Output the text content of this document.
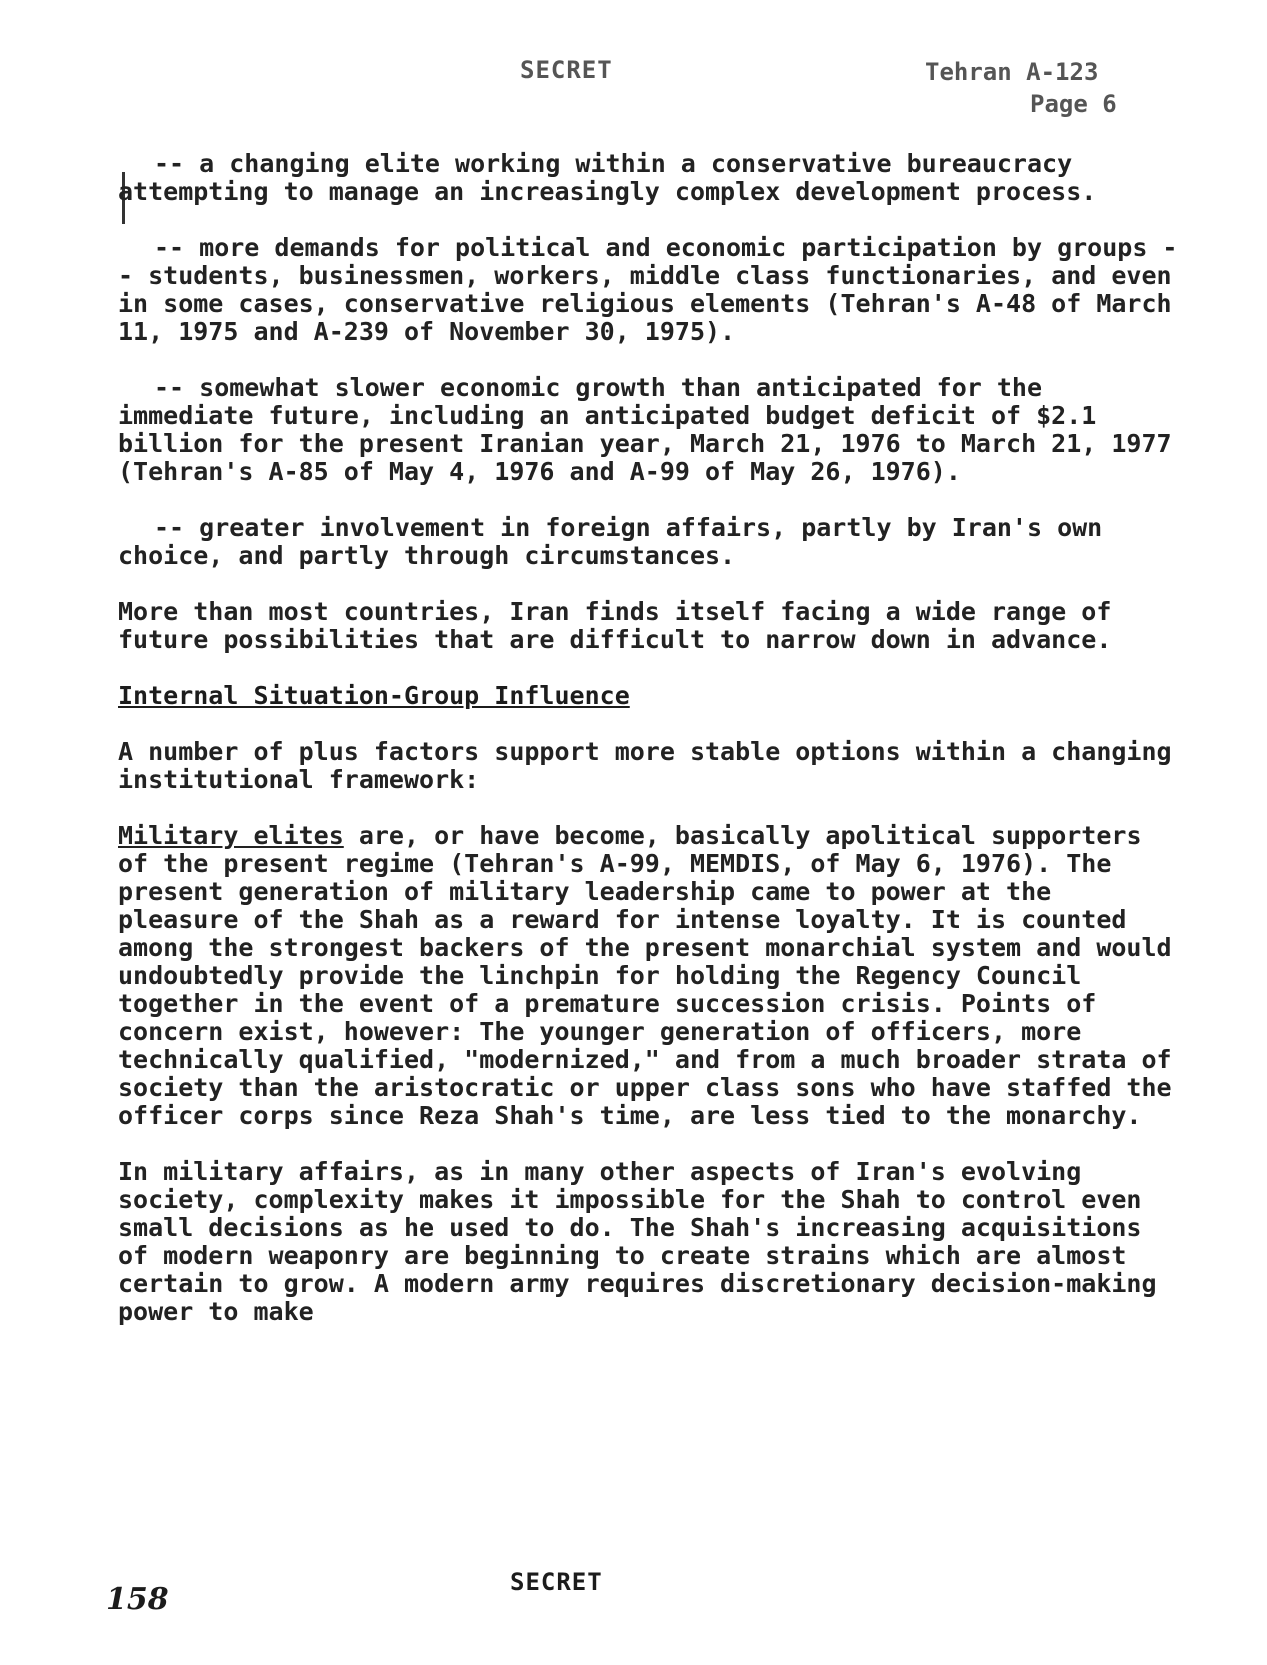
SECRET	Tehran A-123
Page 6

-- a changing elite working within a conservative bureaucracy attempting to manage an increasingly complex development process.

-- more demands for political and economic participation by groups -- students, businessmen, workers, middle class functionaries, and even in some cases, conservative religious elements (Tehran's A-48 of March 11, 1975 and A-239 of November 30, 1975).

-- somewhat slower economic growth than anticipated for the immediate future, including an anticipated budget deficit of $2.1 billion for the present Iranian year, March 21, 1976 to March 21, 1977 (Tehran's A-85 of May 4, 1976 and A-99 of May 26, 1976).

-- greater involvement in foreign affairs, partly by Iran's own choice, and partly through circumstances.

More than most countries, Iran finds itself facing a wide range of future possibilities that are difficult to narrow down in advance.

Internal Situation-Group Influence

A number of plus factors support more stable options within a changing institutional framework:

Military elites are, or have become, basically apolitical supporters of the present regime (Tehran's A-99, MEMDIS, of May 6, 1976). The present generation of military leadership came to power at the pleasure of the Shah as a reward for intense loyalty. It is counted among the strongest backers of the present monarchial system and would undoubtedly provide the linchpin for holding the Regency Council together in the event of a premature succession crisis. Points of concern exist, however: The younger generation of officers, more technically qualified, "modernized," and from a much broader strata of society than the aristocratic or upper class sons who have staffed the officer corps since Reza Shah's time, are less tied to the monarchy.

In military affairs, as in many other aspects of Iran's evolving society, complexity makes it impossible for the Shah to control even small decisions as he used to do. The Shah's increasing acquisitions of modern weaponry are beginning to create strains which are almost certain to grow. A modern army requires discretionary decision-making power to make

158	SECRET
